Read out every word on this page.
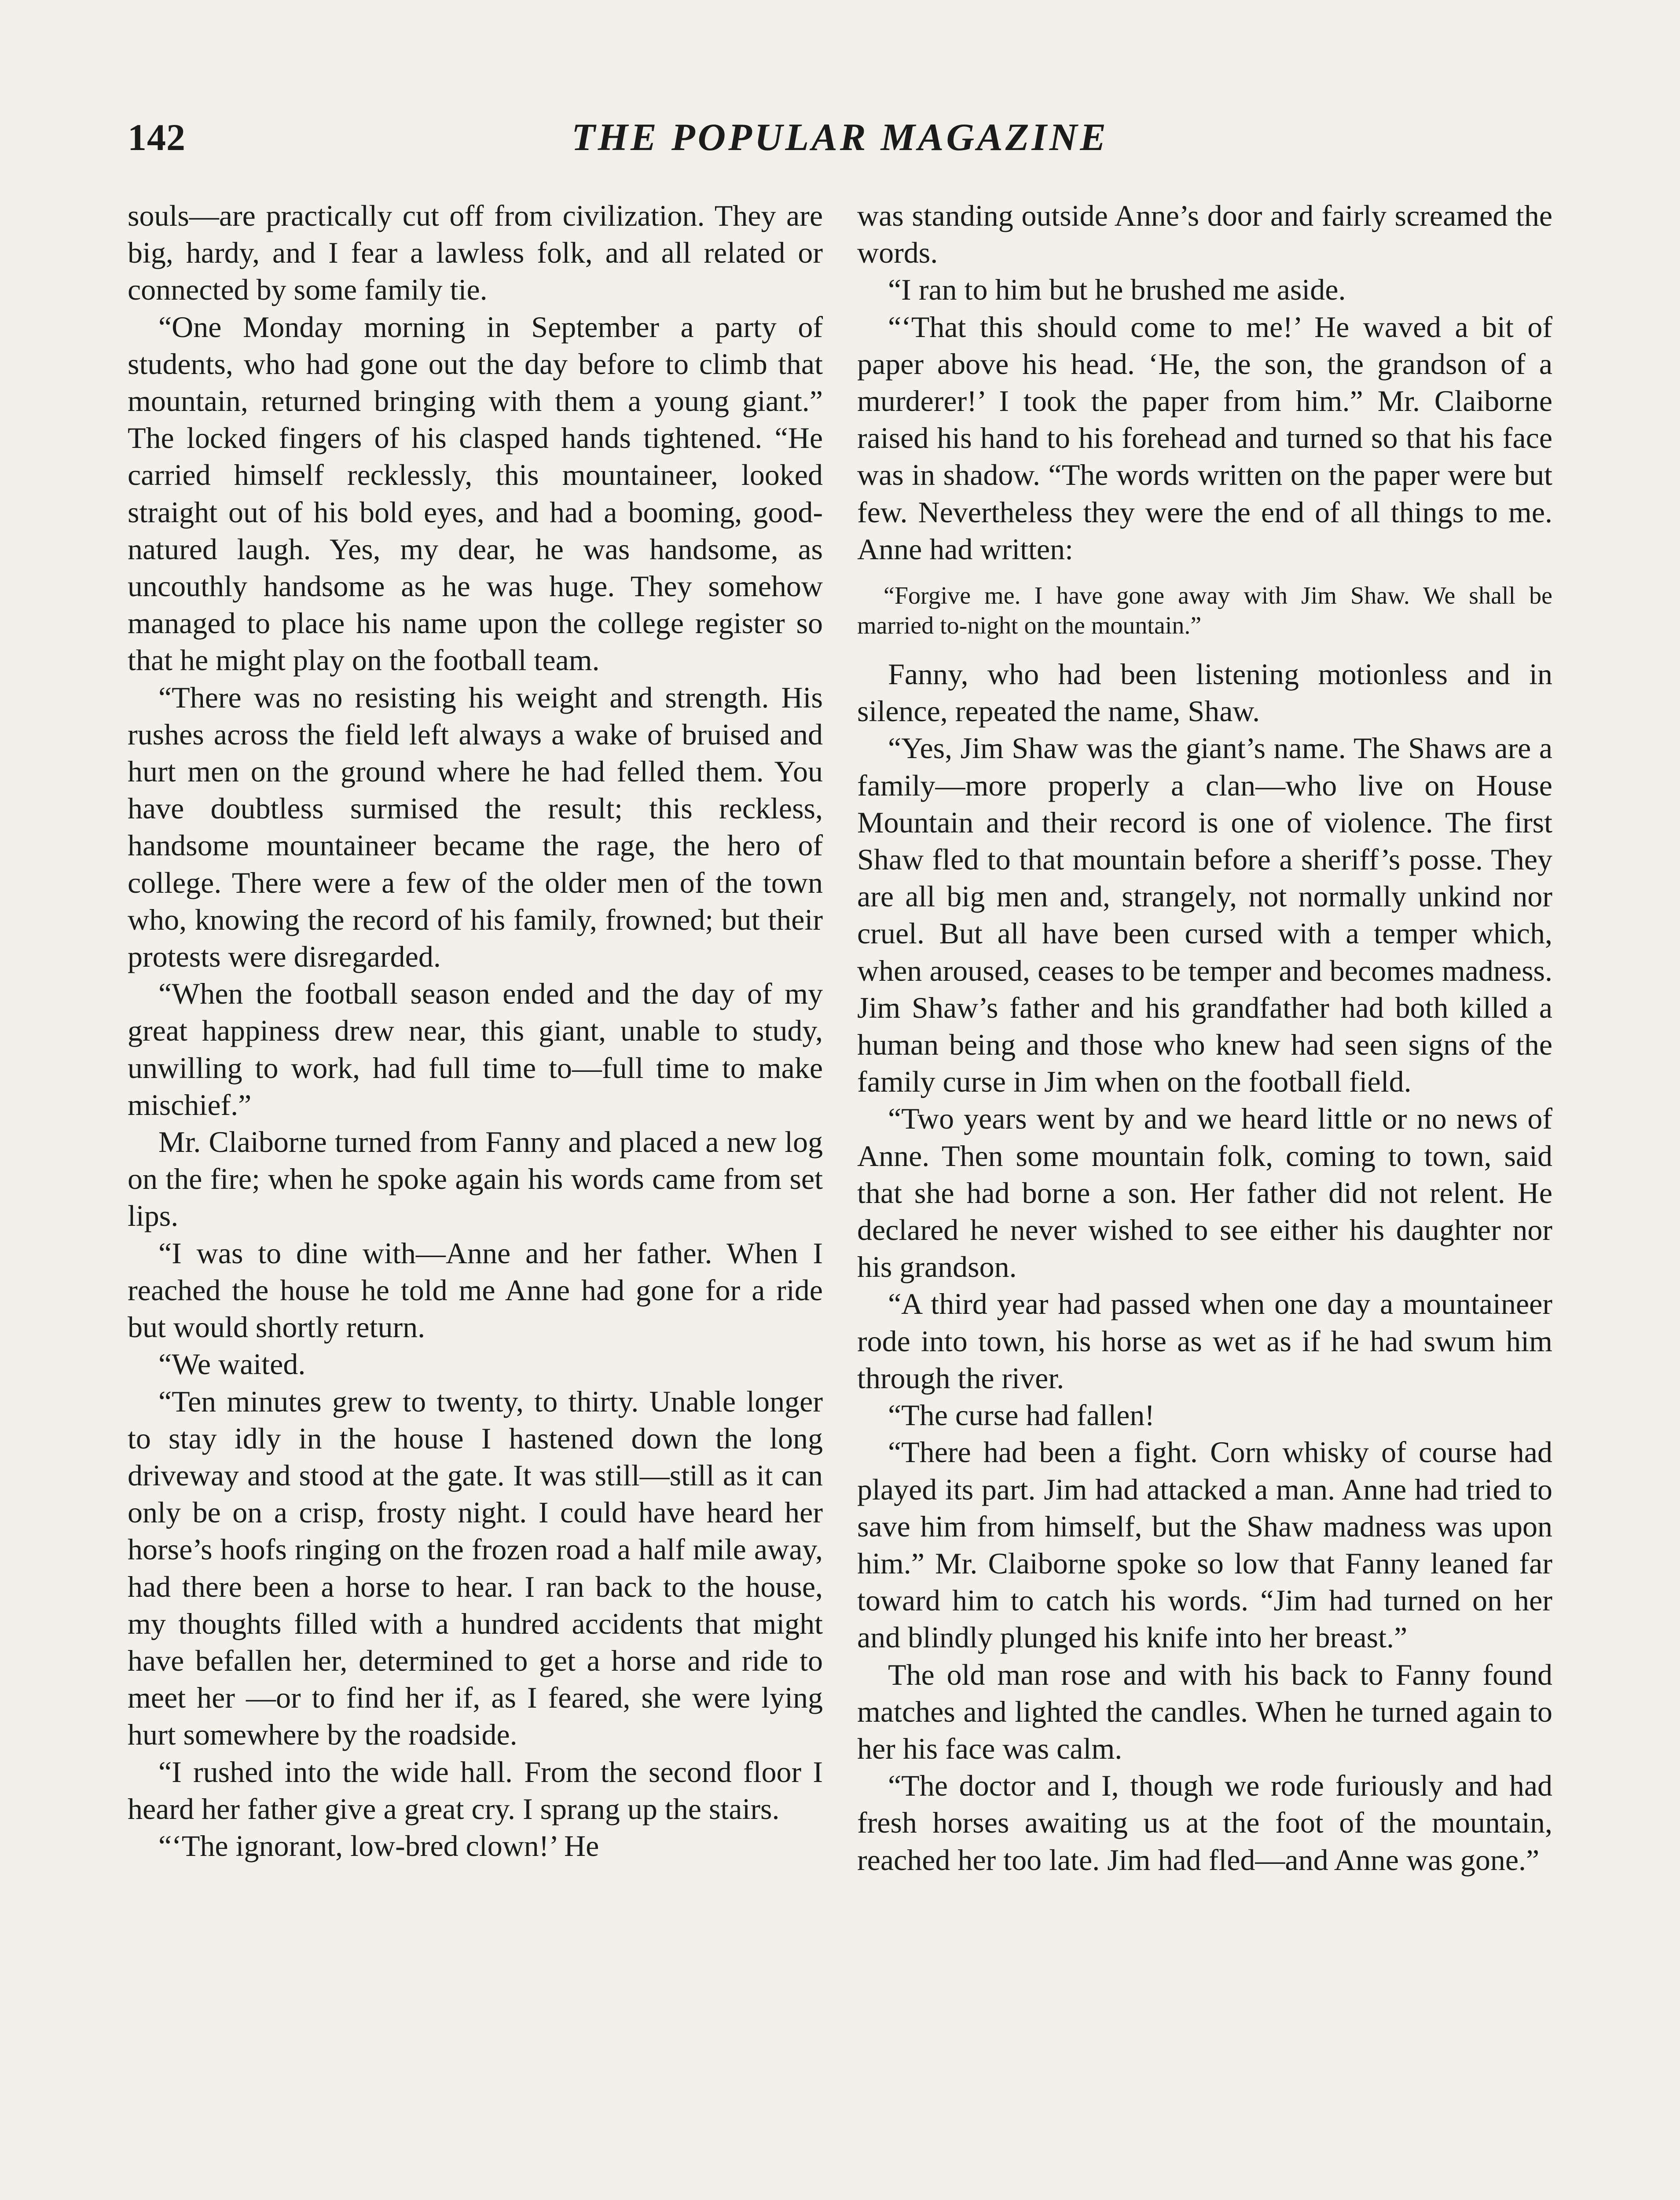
142	THE POPULAR MAGAZINE

souls—are practically cut off from civilization. They are big, hardy, and I fear a lawless folk, and all related or connected by some family tie.

“One Monday morning in September a party of students, who had gone out the day before to climb that mountain, returned bringing with them a young giant.” The locked fingers of his clasped hands tightened. “He carried himself recklessly, this mountaineer, looked straight out of his bold eyes, and had a booming, good-natured laugh. Yes, my dear, he was handsome, as uncouthly handsome as he was huge. They somehow managed to place his name upon the college register so that he might play on the football team.

“There was no resisting his weight and strength. His rushes across the field left always a wake of bruised and hurt men on the ground where he had felled them. You have doubtless surmised the result; this reckless, handsome mountaineer became the rage, the hero of college. There were a few of the older men of the town who, knowing the record of his family, frowned; but their protests were disregarded.

“When the football season ended and the day of my great happiness drew near, this giant, unable to study, unwilling to work, had full time to—full time to make mischief.”

Mr. Claiborne turned from Fanny and placed a new log on the fire; when he spoke again his words came from set lips.

“I was to dine with—Anne and her father. When I reached the house he told me Anne had gone for a ride but would shortly return.

“We waited.

“Ten minutes grew to twenty, to thirty. Unable longer to stay idly in the house I hastened down the long driveway and stood at the gate. It was still—still as it can only be on a crisp, frosty night. I could have heard her horse’s hoofs ringing on the frozen road a half mile away, had there been a horse to hear. I ran back to the house, my thoughts filled with a hundred accidents that might have befallen her, determined to get a horse and ride to meet her —or to find her if, as I feared, she were lying hurt somewhere by the roadside.

“I rushed into the wide hall. From the second floor I heard her father give a great cry. I sprang up the stairs.

“‘The ignorant, low-bred clown!’ He

was standing outside Anne’s door and fairly screamed the words.

“I ran to him but he brushed me aside.

“‘That this should come to me!’ He waved a bit of paper above his head. ‘He, the son, the grandson of a murderer!’ I took the paper from him.” Mr. Claiborne raised his hand to his forehead and turned so that his face was in shadow. “The words written on the paper were but few. Nevertheless they were the end of all things to me. Anne had written:

“Forgive me. I have gone away with Jim Shaw. We shall be married to-night on the mountain.”

Fanny, who had been listening motionless and in silence, repeated the name, Shaw.

“Yes, Jim Shaw was the giant’s name. The Shaws are a family—more properly a clan—who live on House Mountain and their record is one of violence. The first Shaw fled to that mountain before a sheriff’s posse. They are all big men and, strangely, not normally unkind nor cruel. But all have been cursed with a temper which, when aroused, ceases to be temper and becomes madness. Jim Shaw’s father and his grandfather had both killed a human being and those who knew had seen signs of the family curse in Jim when on the football field.

“Two years went by and we heard little or no news of Anne. Then some mountain folk, coming to town, said that she had borne a son. Her father did not relent. He declared he never wished to see either his daughter nor his grandson.

“A third year had passed when one day a mountaineer rode into town, his horse as wet as if he had swum him through the river.

“The curse had fallen!

“There had been a fight. Corn whisky of course had played its part. Jim had attacked a man. Anne had tried to save him from himself, but the Shaw madness was upon him.” Mr. Claiborne spoke so low that Fanny leaned far toward him to catch his words. “Jim had turned on her and blindly plunged his knife into her breast.”

The old man rose and with his back to Fanny found matches and lighted the candles. When he turned again to her his face was calm.

“The doctor and I, though we rode furiously and had fresh horses awaiting us at the foot of the mountain, reached her too late. Jim had fled—and Anne was gone.”
